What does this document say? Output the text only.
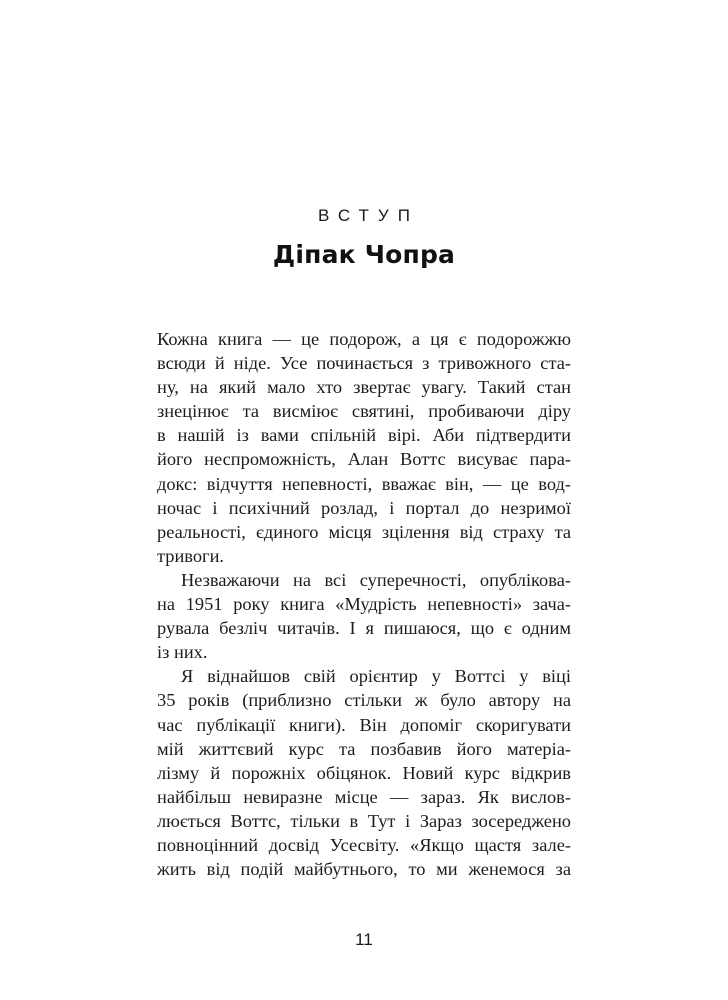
ВСТУП
Діпак Чопра
Кожна книга — це подорож, а ця є подорожжю
всюди й ніде. Усе починається з тривожного ста-
ну, на який мало хто звертає увагу. Такий стан
знецінює та висміює святині, пробиваючи діру
в нашій із вами спільній вірі. Аби підтвердити
його неспроможність, Алан Воттс висуває пара-
докс: відчуття непевності, вважає він, — це вод-
ночас і психічний розлад, і портал до незримої
реальності, єдиного місця зцілення від страху та
тривоги.
Незважаючи на всі суперечності, опублікова-
на 1951 року книга «Мудрість непевності» зача-
рувала безліч читачів. І я пишаюся, що є одним
із них.
Я віднайшов свій орієнтир у Воттсі у віці
35 років (приблизно стільки ж було автору на
час публікації книги). Він допоміг скоригувати
мій життєвий курс та позбавив його матеріа-
лізму й порожніх обіцянок. Новий курс відкрив
найбільш невиразне місце — зараз. Як вислов-
люється Воттс, тільки в Тут і Зараз зосереджено
повноцінний досвід Усесвіту. «Якщо щастя зале-
жить від подій майбутнього, то ми женемося за
11
